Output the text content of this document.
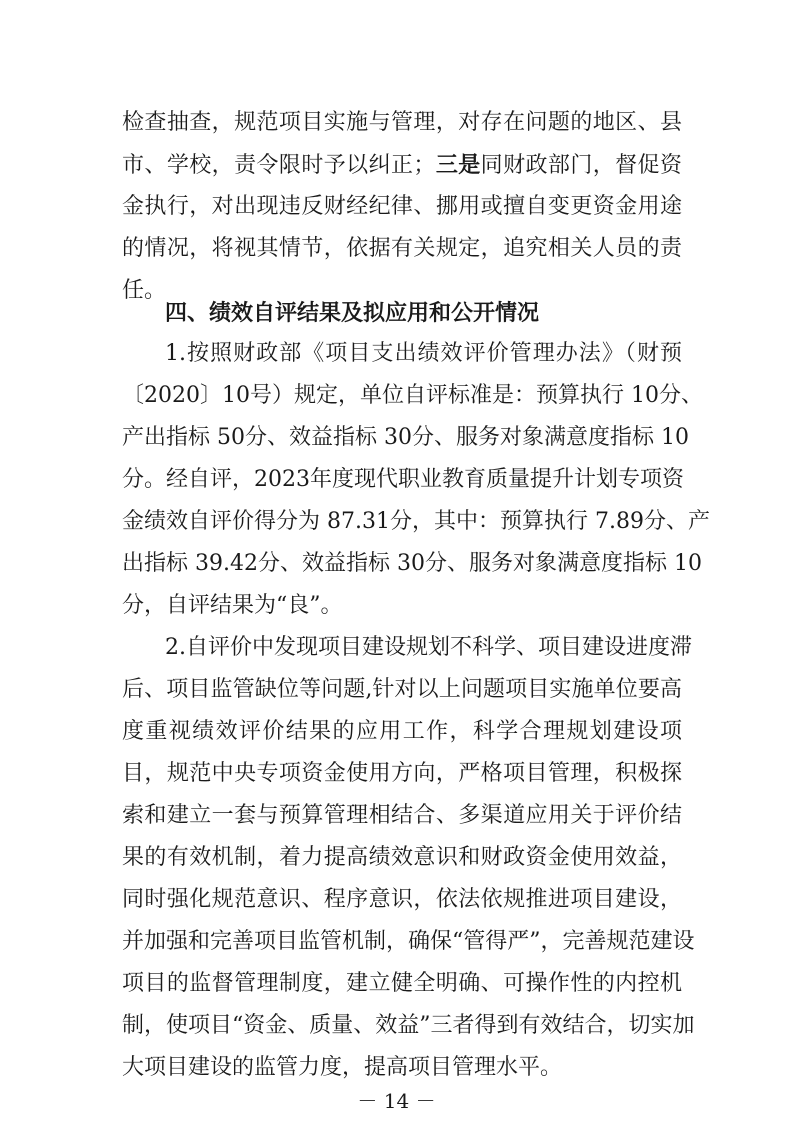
检查抽查，规范项目实施与管理，对存在问题的地区、县
市、学校，责令限时予以纠正；三是同财政部门，督促资
金执行，对出现违反财经纪律、挪用或擅自变更资金用途
的情况，将视其情节，依据有关规定，追究相关人员的责
任。
四、绩效自评结果及拟应用和公开情况
1.按照财政部《项目支出绩效评价管理办法》（财预
〔2020〕10号）规定，单位自评标准是：预算执行 10分、
产出指标 50分、效益指标 30分、服务对象满意度指标 10
分。经自评，2023年度现代职业教育质量提升计划专项资
金绩效自评价得分为 87.31分，其中：预算执行 7.89分、产
出指标 39.42分、效益指标 30分、服务对象满意度指标 10
分，自评结果为“良”。
2.自评价中发现项目建设规划不科学、项目建设进度滞
后、项目监管缺位等问题,针对以上问题项目实施单位要高
度重视绩效评价结果的应用工作，科学合理规划建设项
目，规范中央专项资金使用方向，严格项目管理，积极探
索和建立一套与预算管理相结合、多渠道应用关于评价结
果的有效机制，着力提高绩效意识和财政资金使用效益，
同时强化规范意识、程序意识，依法依规推进项目建设，
并加强和完善项目监管机制，确保“管得严”，完善规范建设
项目的监督管理制度，建立健全明确、可操作性的内控机
制，使项目“资金、质量、效益”三者得到有效结合，切实加
大项目建设的监管力度，提高项目管理水平。
－ 14 －
